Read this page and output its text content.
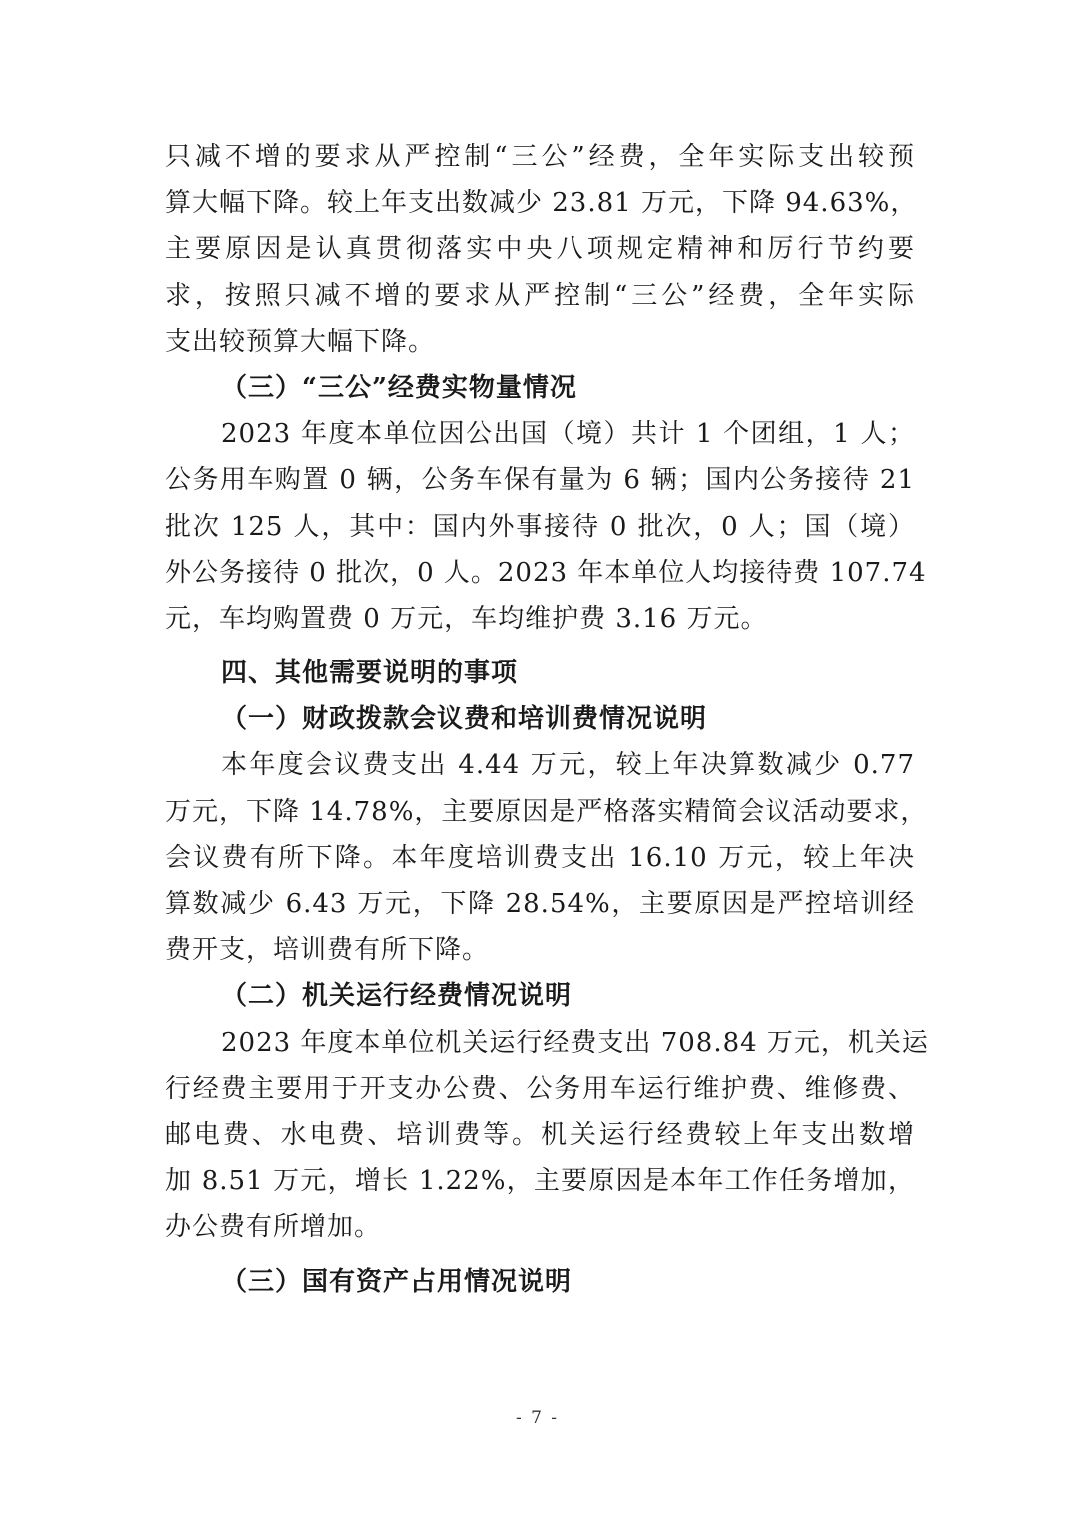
只减不增的要求从严控制“三公”经费，全年实际支出较预
算大幅下降。较上年支出数减少 23.81 万元，下降 94.63%，
主要原因是认真贯彻落实中央八项规定精神和厉行节约要
求，按照只减不增的要求从严控制“三公”经费，全年实际
支出较预算大幅下降。
（三）“三公”经费实物量情况
2023 年度本单位因公出国（境）共计 1 个团组，1 人；
公务用车购置 0 辆，公务车保有量为 6 辆；国内公务接待 21
批次 125 人，其中：国内外事接待 0 批次，0 人；国（境）
外公务接待 0 批次，0 人。2023 年本单位人均接待费 107.74
元，车均购置费 0 万元，车均维护费 3.16 万元。
四、其他需要说明的事项
（一）财政拨款会议费和培训费情况说明
本年度会议费支出 4.44 万元，较上年决算数减少 0.77
万元，下降 14.78%，主要原因是严格落实精简会议活动要求，
会议费有所下降。本年度培训费支出 16.10 万元，较上年决
算数减少 6.43 万元，下降 28.54%，主要原因是严控培训经
费开支，培训费有所下降。
（二）机关运行经费情况说明
2023 年度本单位机关运行经费支出 708.84 万元，机关运
行经费主要用于开支办公费、公务用车运行维护费、维修费、
邮电费、水电费、培训费等。机关运行经费较上年支出数增
加 8.51 万元，增长 1.22%，主要原因是本年工作任务增加，
办公费有所增加。
（三）国有资产占用情况说明
- 7 -
